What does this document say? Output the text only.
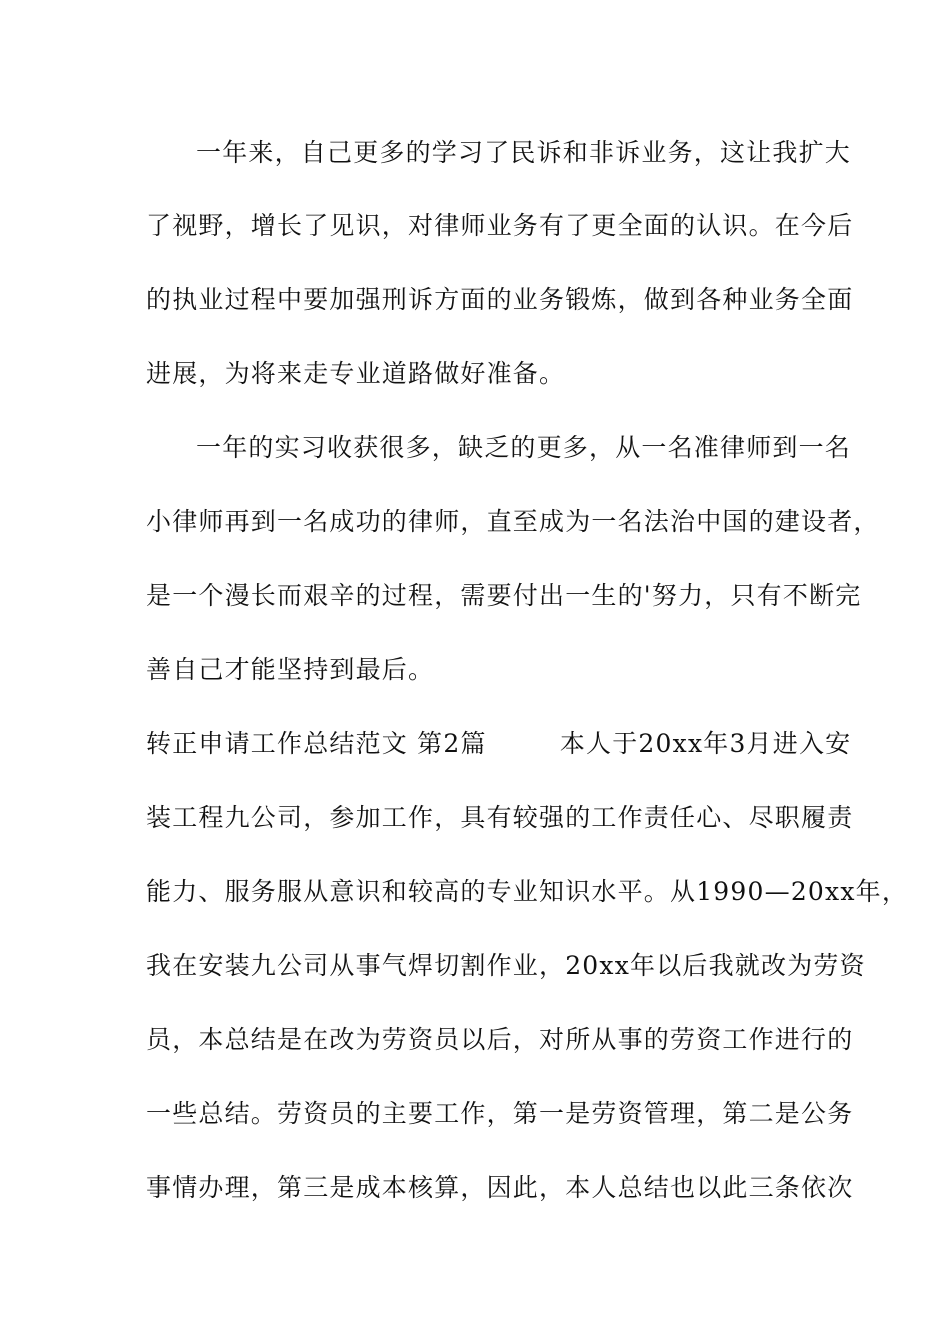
一年来，自己更多的学习了民诉和非诉业务，这让我扩大
了视野，增长了见识，对律师业务有了更全面的认识。在今后
的执业过程中要加强刑诉方面的业务锻炼，做到各种业务全面
进展，为将来走专业道路做好准备。
一年的实习收获很多，缺乏的更多，从一名准律师到一名
小律师再到一名成功的律师，直至成为一名法治中国的建设者，
是一个漫长而艰辛的过程，需要付出一生的'努力，只有不断完
善自己才能坚持到最后。
转正申请工作总结范文 第2篇        本人于20xx年3月进入安
装工程九公司，参加工作，具有较强的工作责任心、尽职履责
能力、服务服从意识和较高的专业知识水平。从1990—20xx年，
我在安装九公司从事气焊切割作业，20xx年以后我就改为劳资
员，本总结是在改为劳资员以后，对所从事的劳资工作进行的
一些总结。劳资员的主要工作，第一是劳资管理，第二是公务
事情办理，第三是成本核算，因此，本人总结也以此三条依次
